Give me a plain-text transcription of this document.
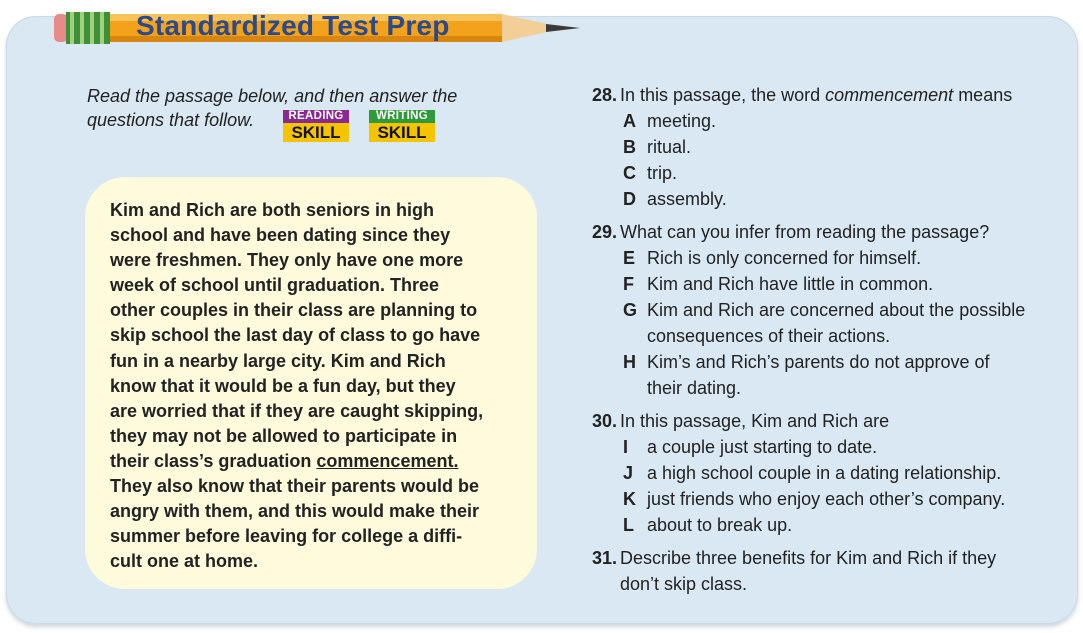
Standardized Test Prep
Read the passage below, and then answer the
questions that follow.	READING
SKILL
WRITING
SKILL
Kim and Rich are both seniors in high
school and have been dating since they
were freshmen. They only have one more
week of school until graduation. Three
other couples in their class are planning to
skip school the last day of class to go have
fun in a nearby large city. Kim and Rich
know that it would be a fun day, but they
are worried that if they are caught skipping,
they may not be allowed to participate in
their class’s graduation commencement.
They also know that their parents would be
angry with them, and this would make their
summer before leaving for college a diffi-
cult one at home.
28. In this passage, the word commencement means
A meeting.
B ritual.
C trip.
D assembly.
29. What can you infer from reading the passage?
E Rich is only concerned for himself.
F Kim and Rich have little in common.
G Kim and Rich are concerned about the possible
consequences of their actions.
H Kim’s and Rich’s parents do not approve of
their dating.
30. In this passage, Kim and Rich are
I	a couple just starting to date.
J a high school couple in a dating relationship.
K just friends who enjoy each other’s company.
L about to break up.
31. Describe three benefits for Kim and Rich if they
don’t skip class.
